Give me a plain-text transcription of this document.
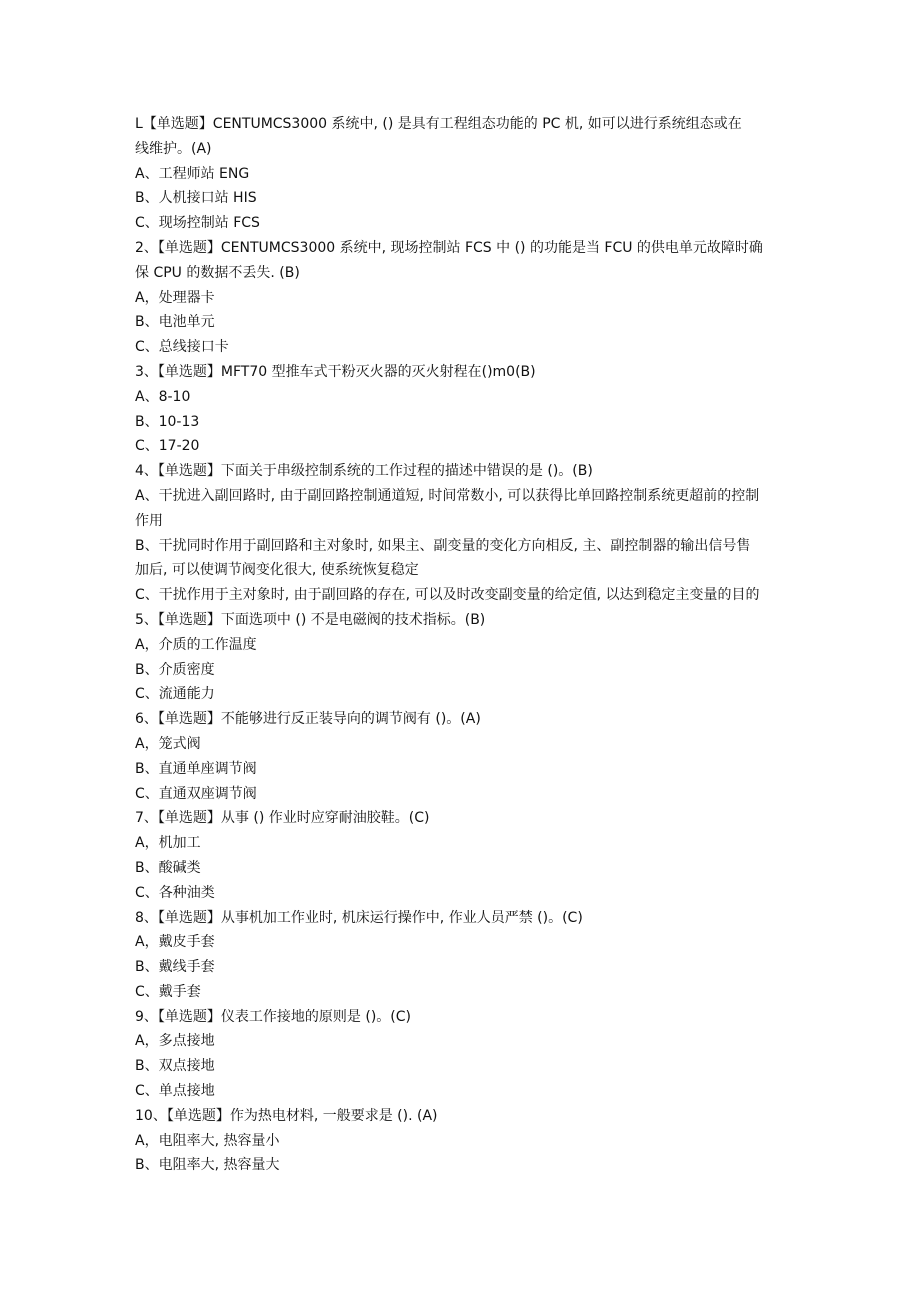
L【单选题】CENTUMCS3000 系统中, () 是具有工程组态功能的 PC 机, 如可以进行系统组态或在
线维护。(A)
A、工程师站 ENG
B、人机接口站 HIS
C、现场控制站 FCS
2、【单选题】CENTUMCS3000 系统中, 现场控制站 FCS 中 () 的功能是当 FCU 的供电单元故障时确
保 CPU 的数据不丢失. (B)
A，处理器卡
B、电池单元
C、总线接口卡
3、【单选题】MFT70 型推车式干粉灭火器的灭火射程在()m0(B)
A、8-10
B、10-13
C、17-20
4、【单选题】下面关于串级控制系统的工作过程的描述中错误的是 ()。(B)
A、干扰进入副回路时, 由于副回路控制通道短, 时间常数小, 可以获得比单回路控制系统更超前的控制
作用
B、干扰同时作用于副回路和主对象时, 如果主、副变量的变化方向相反, 主、副控制器的输出信号售
加后, 可以使调节阀变化很大, 使系统恢复稳定
C、干扰作用于主对象时, 由于副回路的存在, 可以及时改变副变量的给定值, 以达到稳定主变量的目的
5、【单选题】下面选项中 () 不是电磁阀的技术指标。(B)
A，介质的工作温度
B、介质密度
C、流通能力
6、【单选题】不能够进行反正装导向的调节阀有 ()。(A)
A，笼式阀
B、直通单座调节阀
C、直通双座调节阀
7、【单选题】从事 () 作业时应穿耐油胶鞋。(C)
A，机加工
B、酸碱类
C、各种油类
8、【单选题】从事机加工作业时, 机床运行操作中, 作业人员严禁 ()。(C)
A，戴皮手套
B、戴线手套
C、戴手套
9、【单选题】仪表工作接地的原则是 ()。(C)
A，多点接地
B、双点接地
C、单点接地
10、【单选题】作为热电材料, 一般要求是 (). (A)
A，电阻率大, 热容量小
B、电阻率大, 热容量大
